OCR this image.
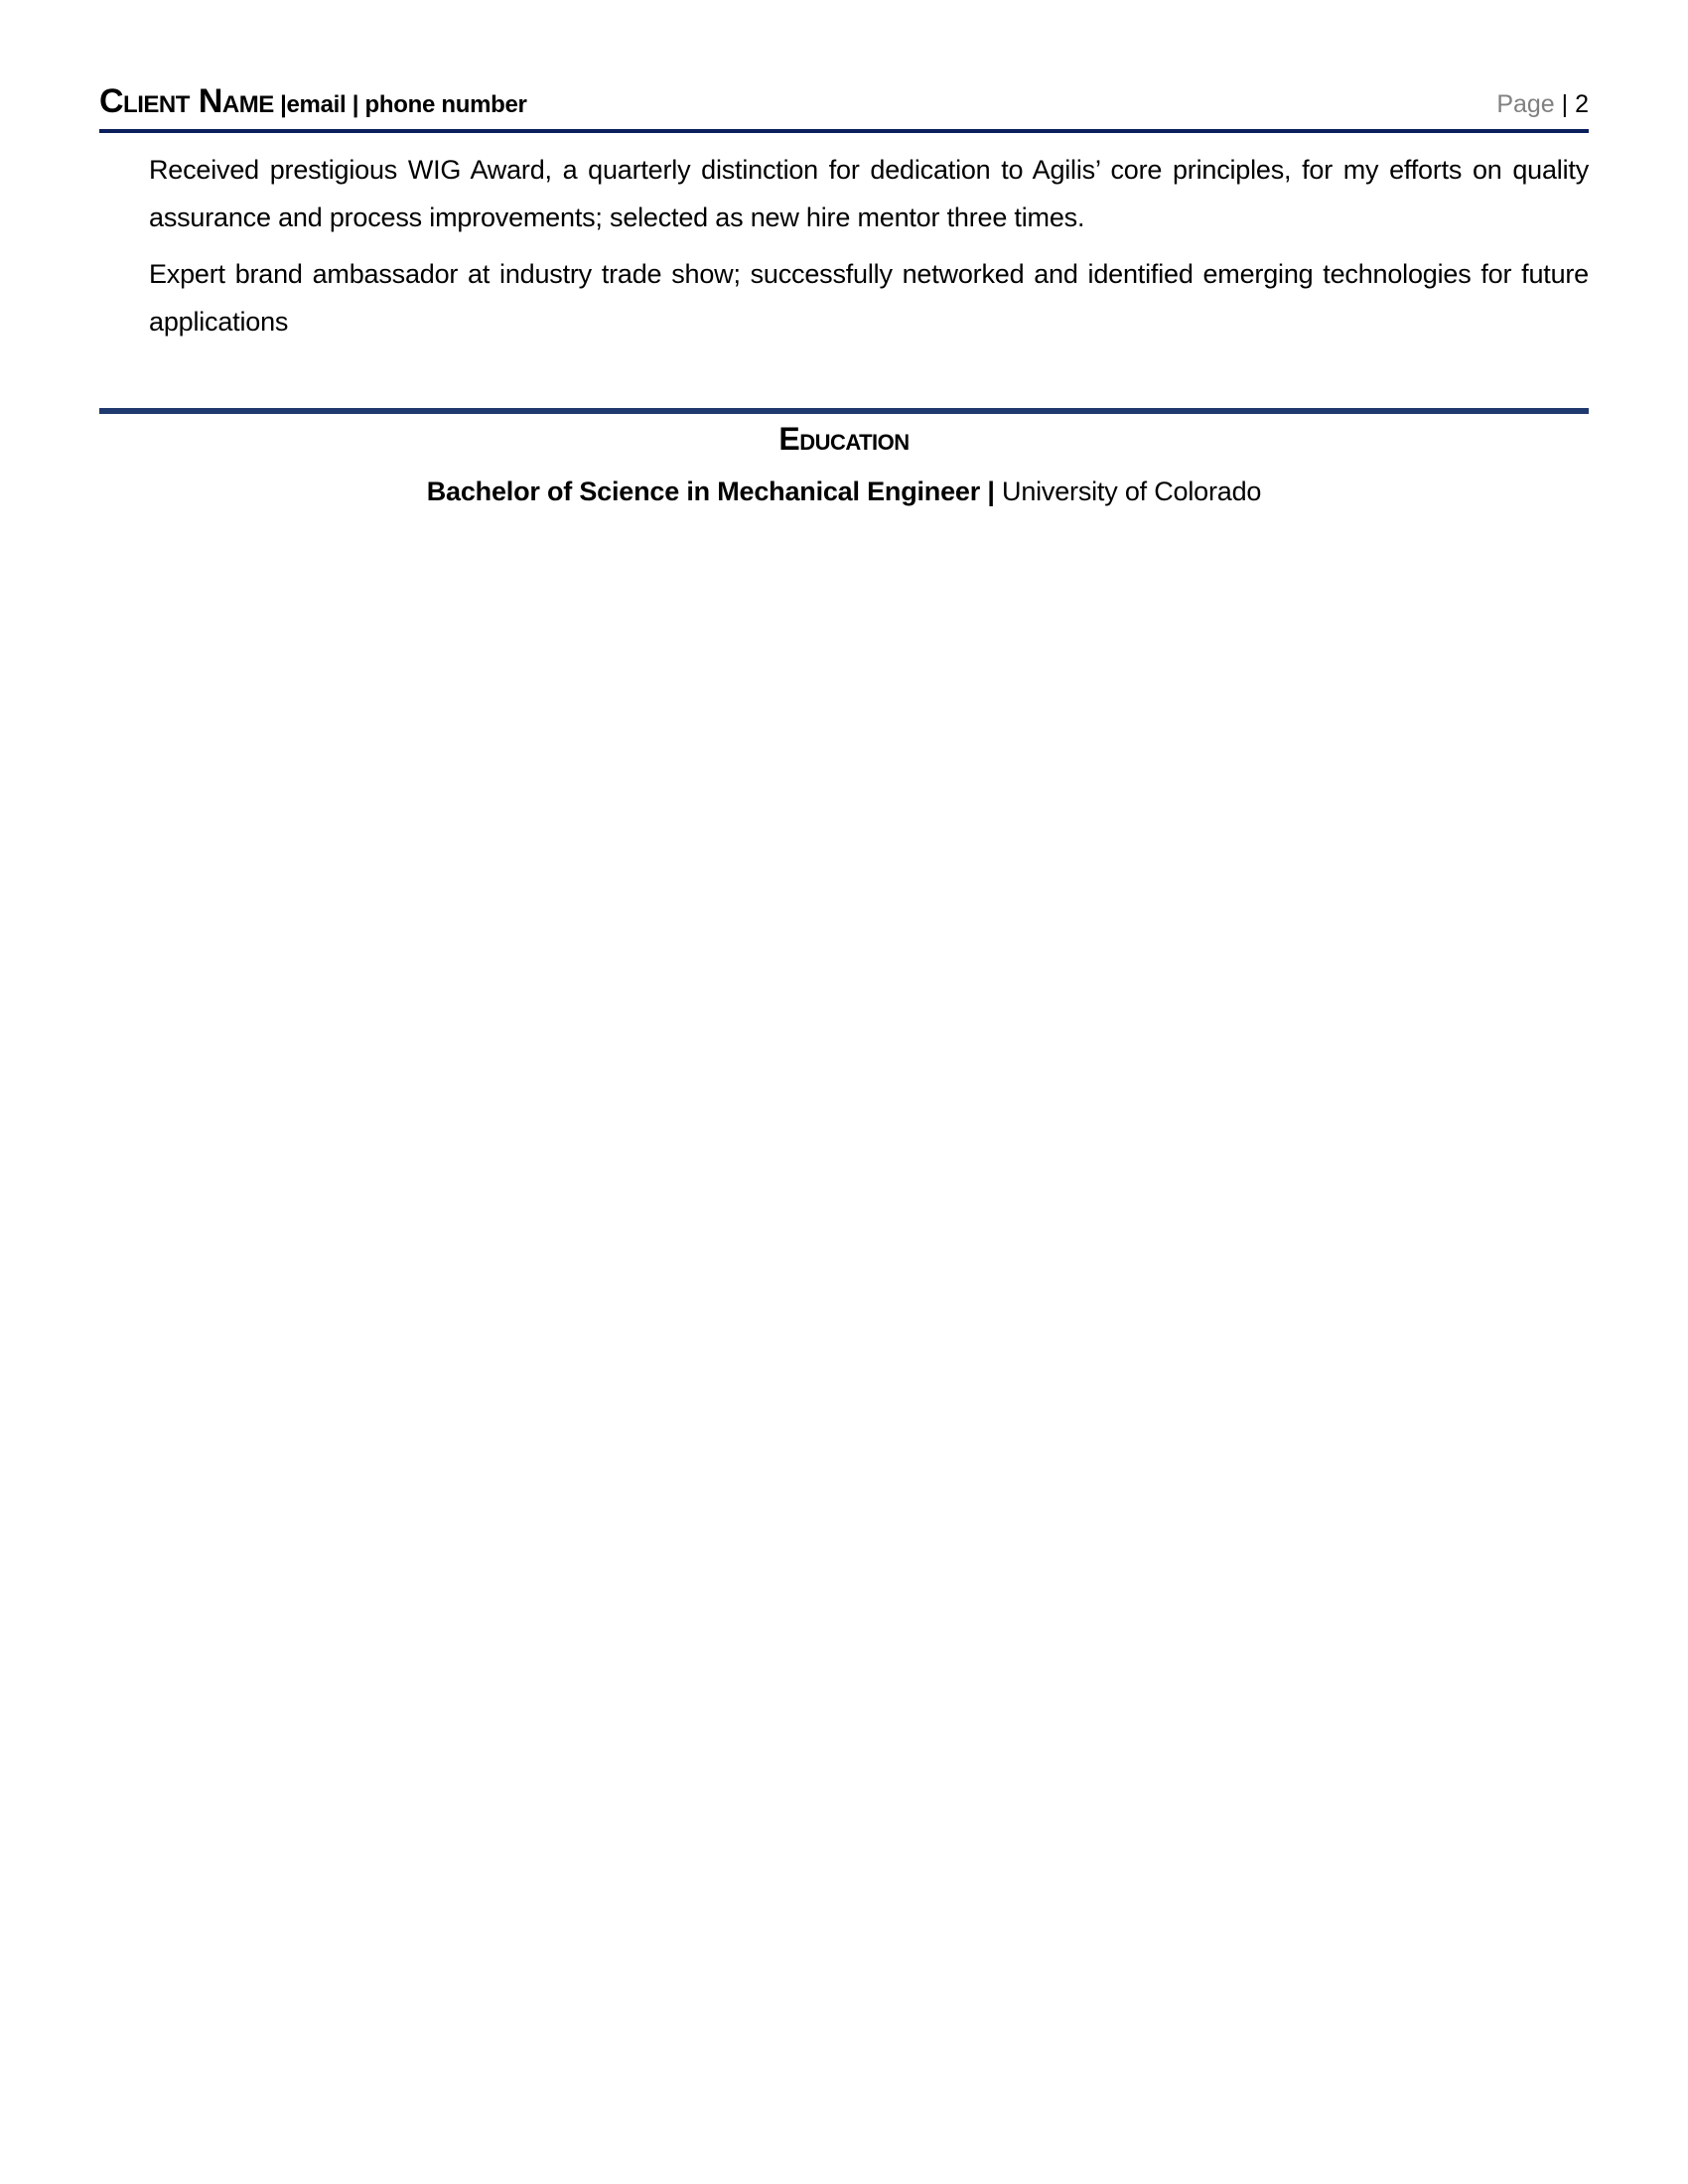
Client Name |email | phone number	Page | 2

Received prestigious WIG Award, a quarterly distinction for dedication to Agilis’ core principles, for my efforts on quality assurance and process improvements; selected as new hire mentor three times.

Expert brand ambassador at industry trade show; successfully networked and identified emerging technologies for future applications

Education
Bachelor of Science in Mechanical Engineer | University of Colorado
